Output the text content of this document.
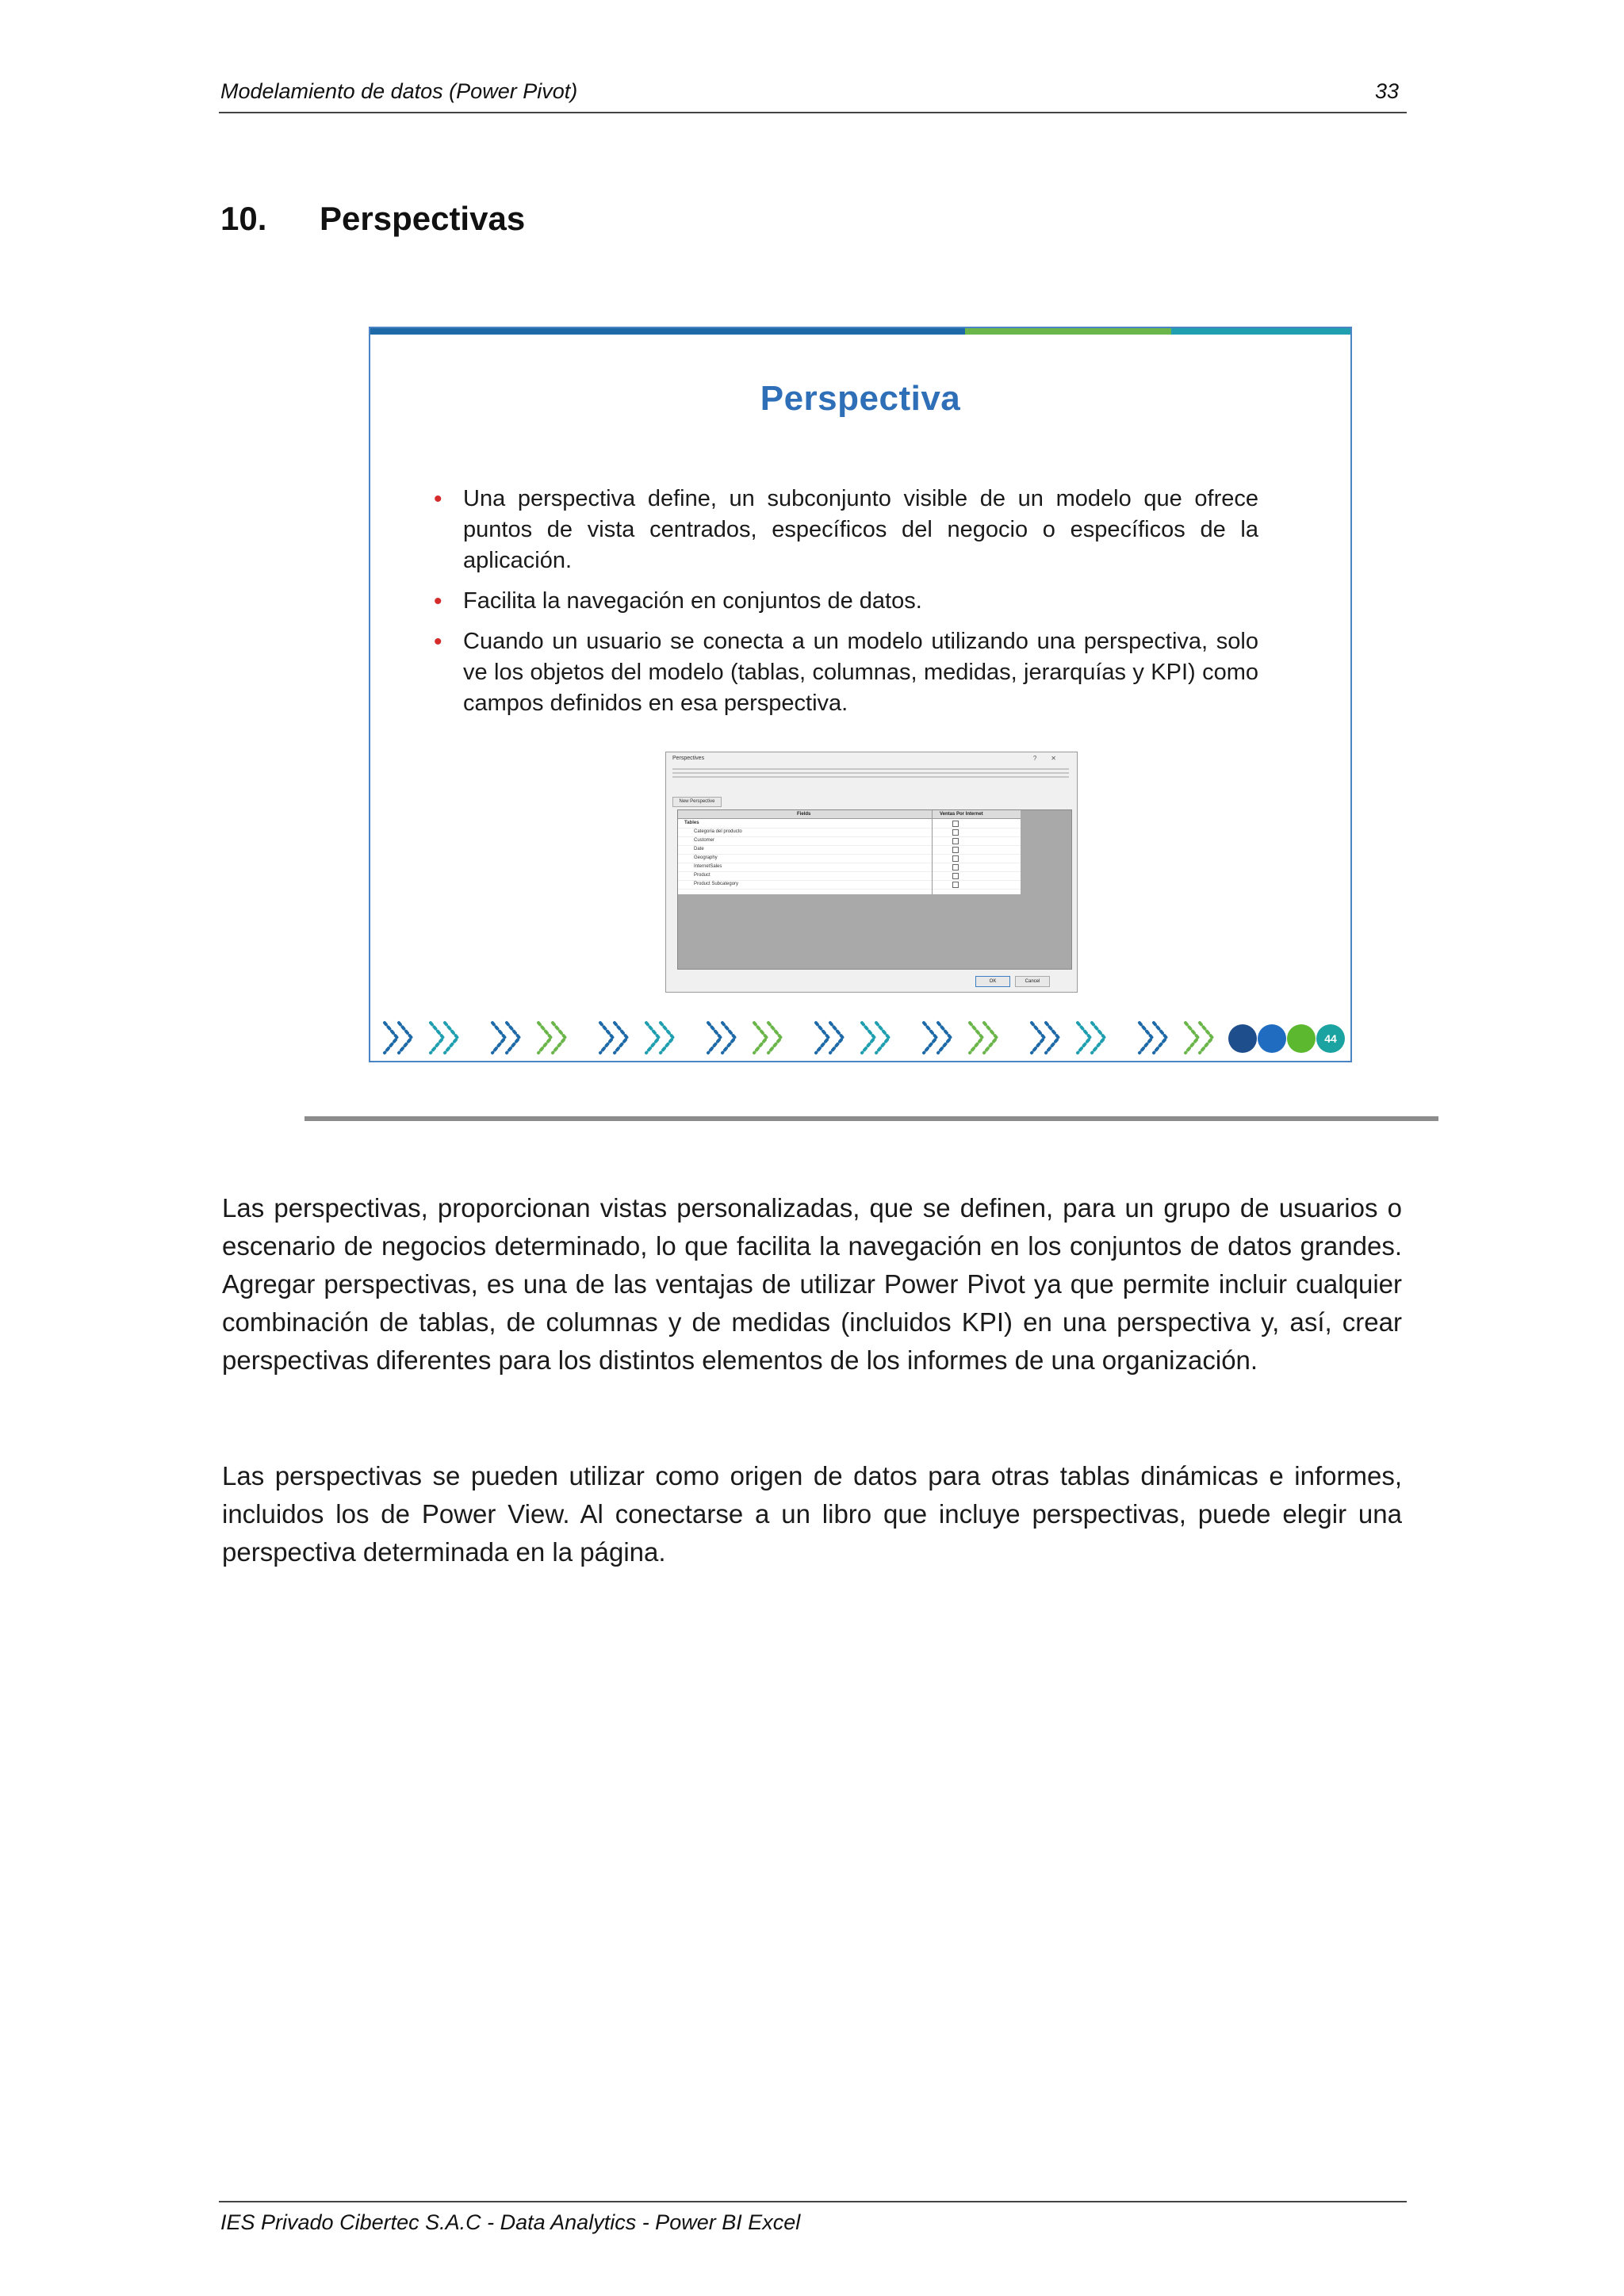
Modelamiento de datos (Power Pivot)	33
10. Perspectivas
Perspectiva
• Una perspectiva define, un subconjunto visible de un modelo que ofrece puntos de vista centrados, específicos del negocio o específicos de la aplicación.
• Facilita la navegación en conjuntos de datos.
• Cuando un usuario se conecta a un modelo utilizando una perspectiva, solo ve los objetos del modelo (tablas, columnas, medidas, jerarquías y KPI) como campos definidos en esa perspectiva.
Perspectives	?✕
New Perspective
Fields	Ventas Por Internet
Tables
Categoria del producto
Customer
Date
Geography
InternetSales
Product
Product Subcategory
OK	Cancel
44

Las perspectivas, proporcionan vistas personalizadas, que se definen, para un grupo de usuarios o escenario de negocios determinado, lo que facilita la navegación en los conjuntos de datos grandes. Agregar perspectivas, es una de las ventajas de utilizar Power Pivot ya que permite incluir cualquier combinación de tablas, de columnas y de medidas (incluidos KPI) en una perspectiva y, así, crear perspectivas diferentes para los distintos elementos de los informes de una organización.

Las perspectivas se pueden utilizar como origen de datos para otras tablas dinámicas e informes, incluidos los de Power View. Al conectarse a un libro que incluye perspectivas, puede elegir una perspectiva determinada en la página.

IES Privado Cibertec S.A.C - Data Analytics - Power BI Excel
